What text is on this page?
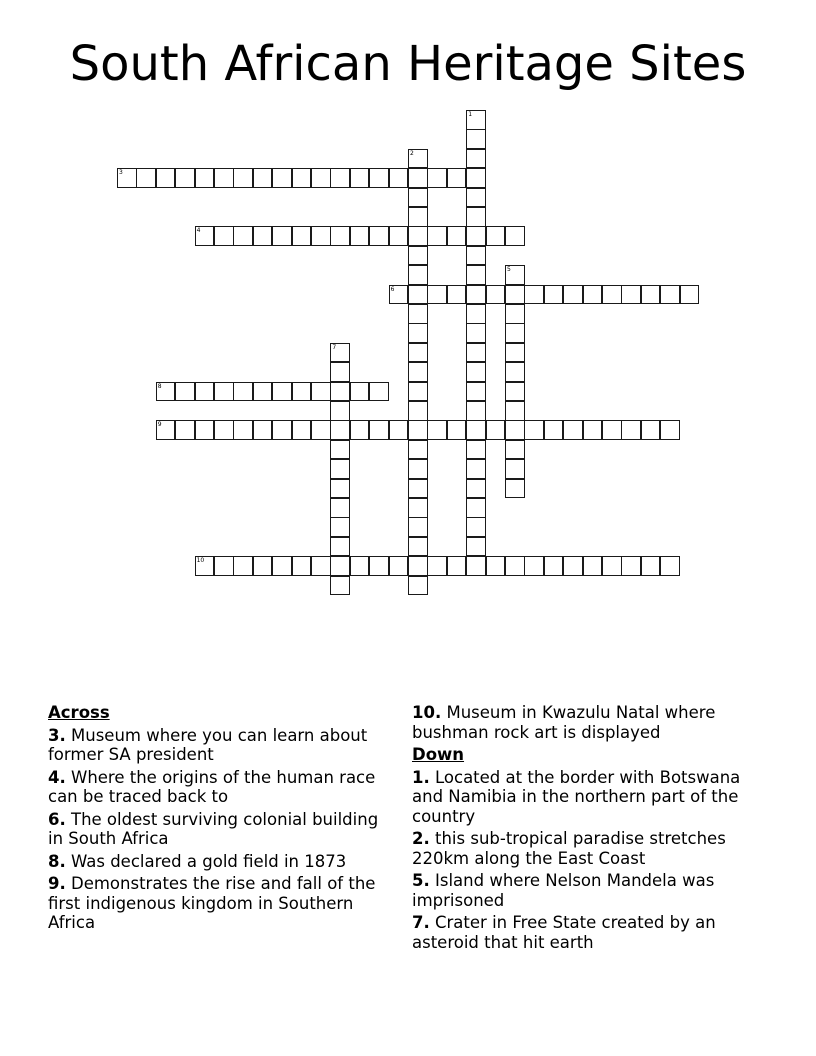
South African Heritage Sites
1
2
3
4
5
6
7
8
9
10
Across
3. Museum where you can learn about former SA president
4. Where the origins of the human race can be traced back to
6. The oldest surviving colonial building in South Africa
8. Was declared a gold field in 1873
9. Demonstrates the rise and fall of the first indigenous kingdom in Southern Africa
10. Museum in Kwazulu Natal where bushman rock art is displayed
Down
1. Located at the border with Botswana and Namibia in the northern part of the country
2. this sub-tropical paradise stretches 220km along the East Coast
5. Island where Nelson Mandela was imprisoned
7. Crater in Free State created by an asteroid that hit earth
